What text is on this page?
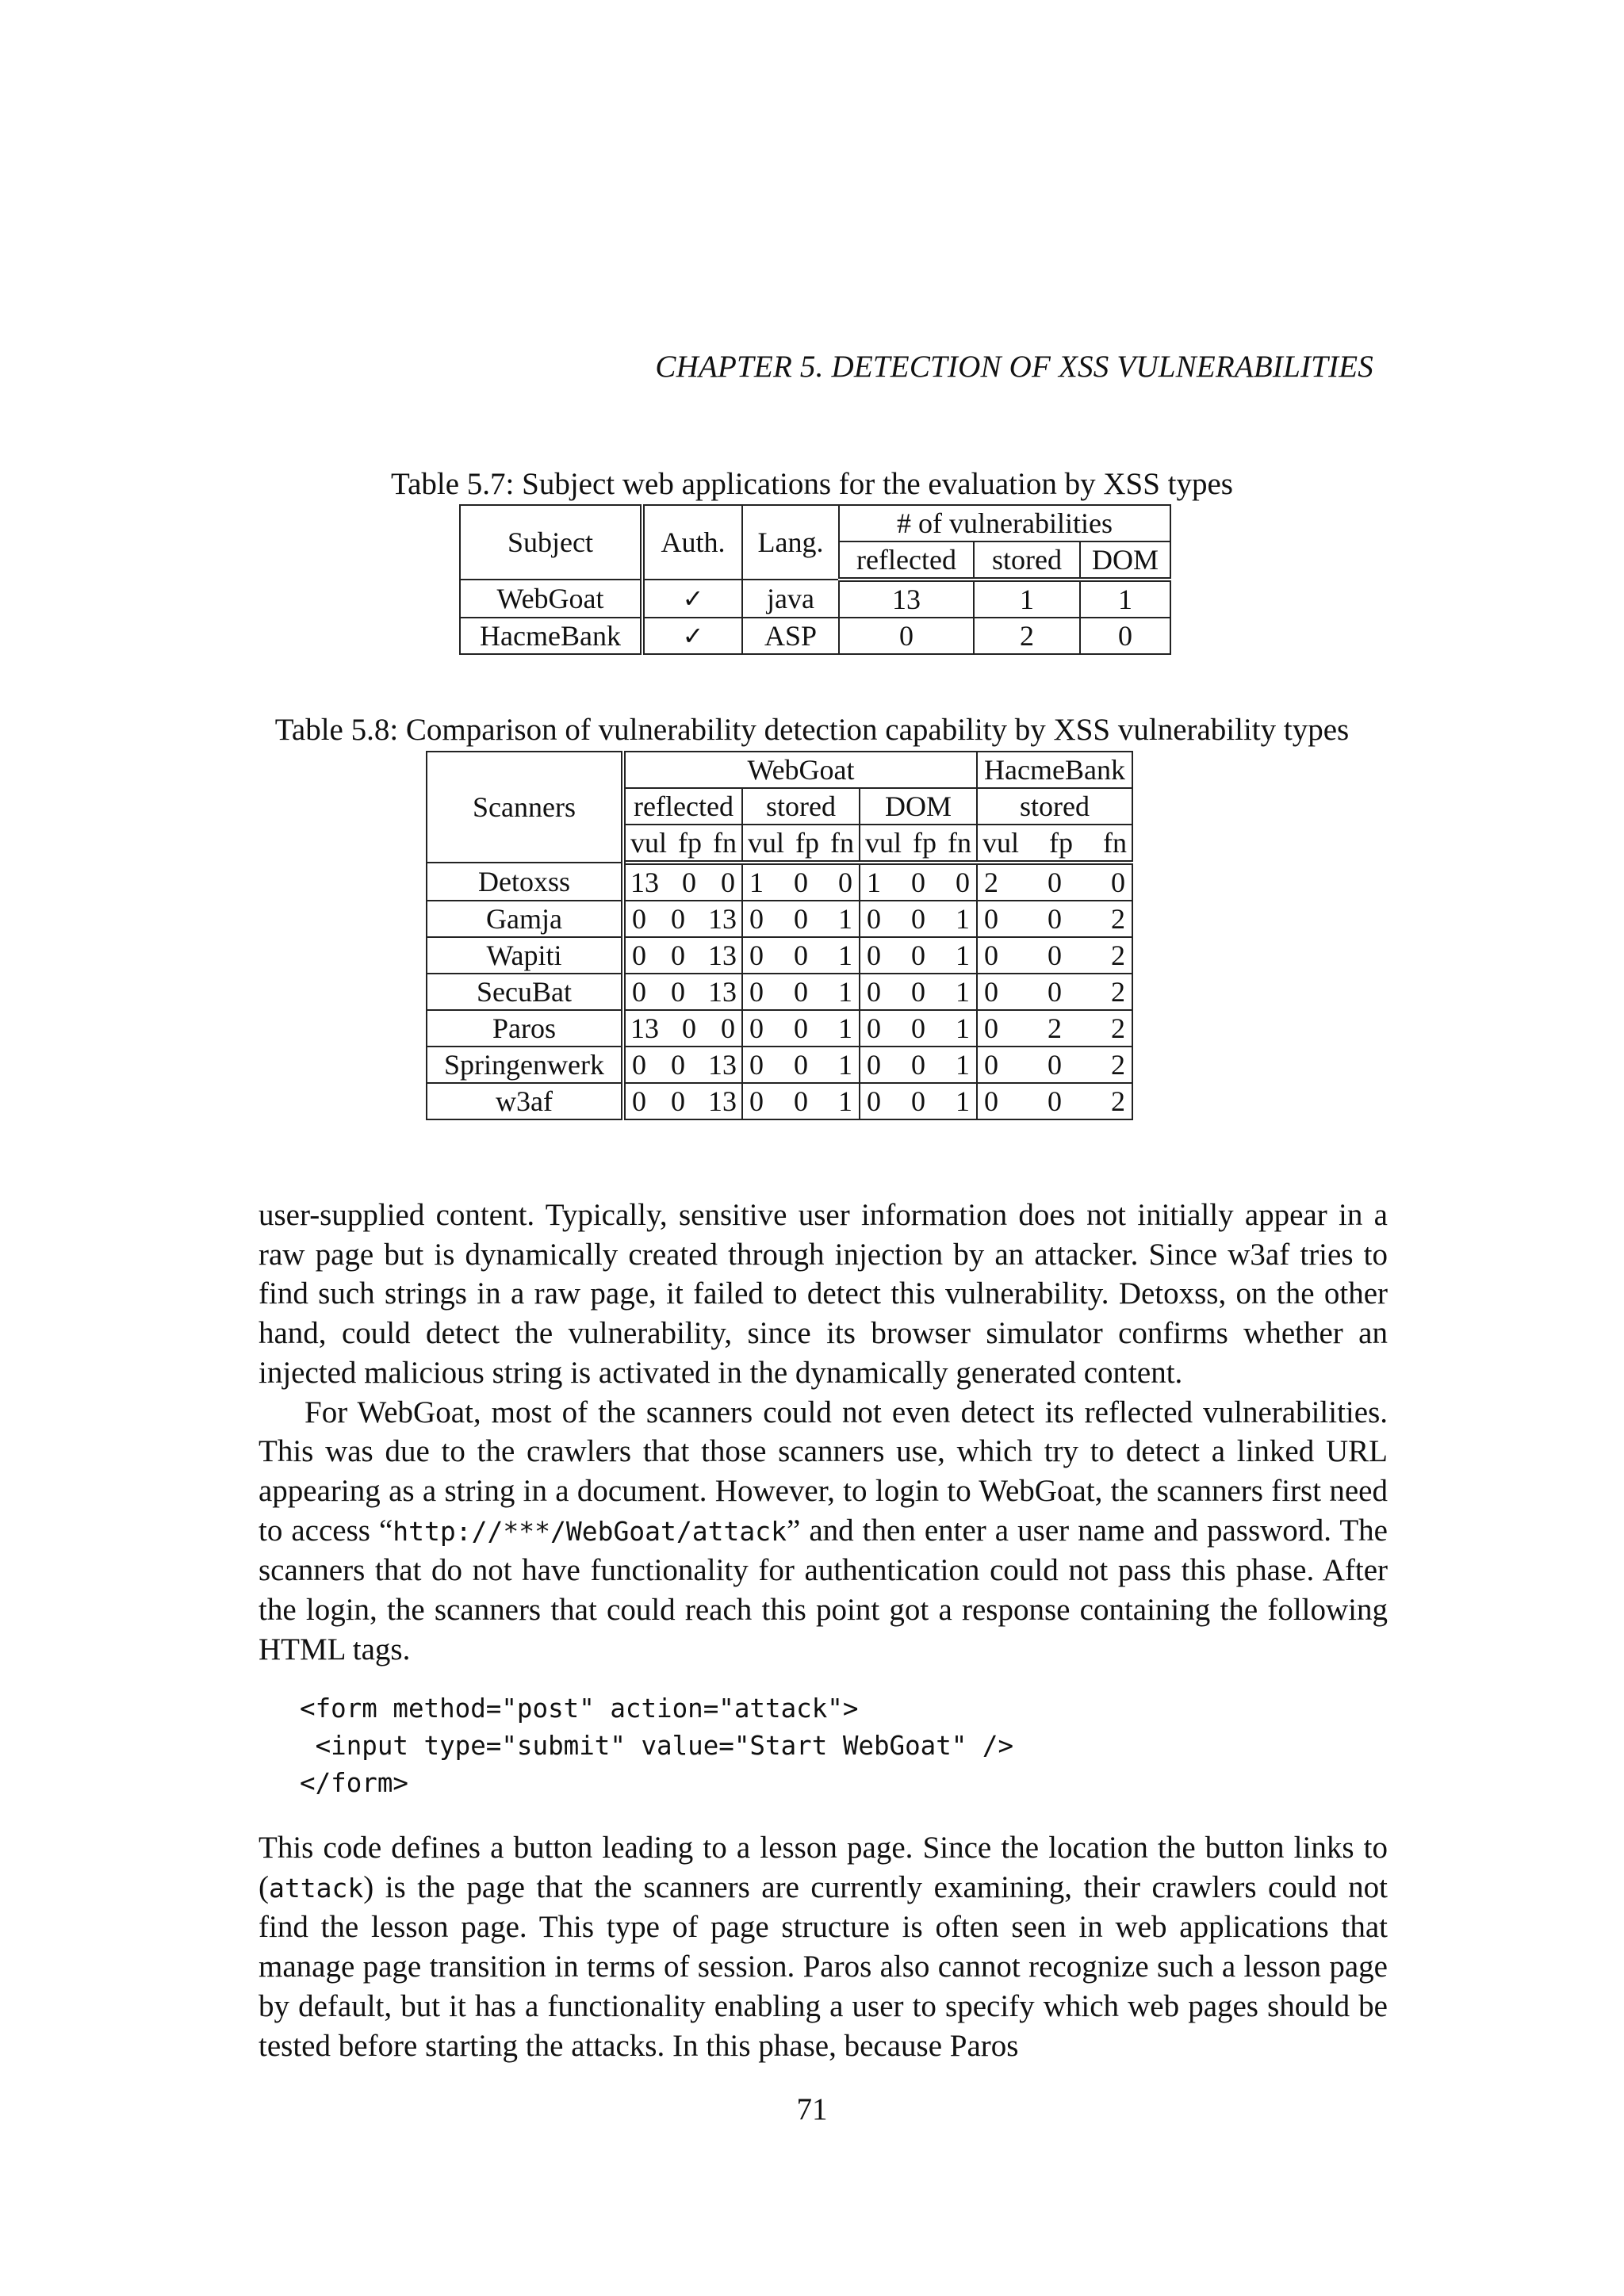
CHAPTER 5. DETECTION OF XSS VULNERABILITIES
Table 5.7: Subject web applications for the evaluation by XSS types
Subject	Auth.	Lang.	# of vulnerabilities		
			reflected	stored	DOM
WebGoat	✓	java	13	1	1
HacmeBank	✓	ASP	0	2	0
Table 5.8: Comparison of vulnerability detection capability by XSS vulnerability types
Scanners	WebGoat			HacmeBank
	reflected	stored	DOM	stored

	vul fp fn	vul fp fn	vul fp fn	vul fp fn

Detoxss	13 0 0	1 0 0	1 0 0	2 0 0

Gamja	0 0 13	0 0 1	0 0 1	0 0 2

Wapiti	0 0 13	0 0 1	0 0 1	0 0 2

SecuBat	0 0 13	0 0 1	0 0 1	0 0 2

Paros	13 0 0	0 0 1	0 0 1	0 2 2

Springenwerk	0 0 13	0 0 1	0 0 1	0 0 2

w3af	0 0 13	0 0 1	0 0 1	0 0 2

user-supplied content. Typically, sensitive user information does not initially appear in a raw page but is dynamically created through injection by an attacker. Since w3af tries to find such strings in a raw page, it failed to detect this vulnerability. Detoxss, on the other hand, could detect the vulnerability, since its browser simulator confirms whether an injected malicious string is activated in the dynamically generated content.

For WebGoat, most of the scanners could not even detect its reflected vulnerabilities. This was due to the crawlers that those scanners use, which try to detect a linked URL appearing as a string in a document. However, to login to WebGoat, the scanners first need to access “http://***/WebGoat/attack” and then enter a user name and password. The scanners that do not have functionality for authentication could not pass this phase. After the login, the scanners that could reach this point got a response containing the following HTML tags.

<form method="post" action="attack">
<input type="submit" value="Start WebGoat" />
</form>

This code defines a button leading to a lesson page. Since the location the button links to (attack) is the page that the scanners are currently examining, their crawlers could not find the lesson page. This type of page structure is often seen in web applications that manage page transition in terms of session. Paros also cannot recognize such a lesson page by default, but it has a functionality enabling a user to specify which web pages should be tested before starting the attacks. In this phase, because Paros

71
